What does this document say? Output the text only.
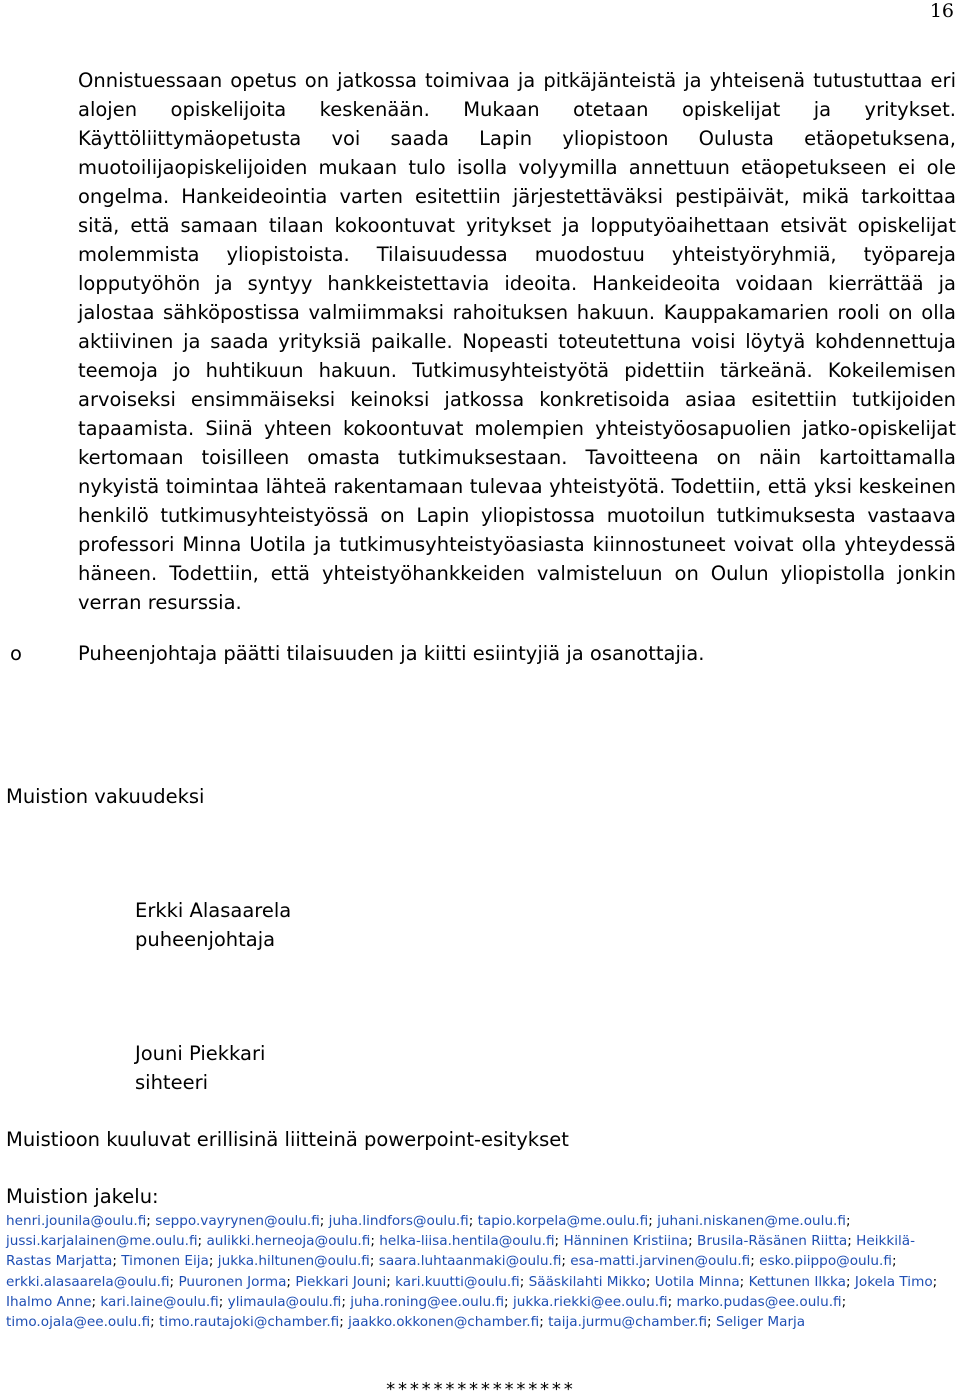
16

Onnistuessaan opetus on jatkossa toimivaa ja pitkäjänteistä ja yhteisenä tutustuttaa eri alojen opiskelijoita keskenään. Mukaan otetaan opiskelijat ja yritykset. Käyttöliittymäopetusta voi saada Lapin yliopistoon Oulusta etäopetuksena, muotoilijaopiskelijoiden mukaan tulo isolla volyymilla annettuun etäopetukseen ei ole ongelma. Hankeideointia varten esitettiin järjestettäväksi pestipäivät, mikä tarkoittaa sitä, että samaan tilaan kokoontuvat yritykset ja lopputyöaihettaan etsivät opiskelijat molemmista yliopistoista. Tilaisuudessa muodostuu yhteistyöryhmiä, työpareja lopputyöhön ja syntyy hankkeistettavia ideoita. Hankeideoita voidaan kierrättää ja jalostaa sähköpostissa valmiimmaksi rahoituksen hakuun. Kauppakamarien rooli on olla aktiivinen ja saada yrityksiä paikalle. Nopeasti toteutettuna voisi löytyä kohdennettuja teemoja jo huhtikuun hakuun. Tutkimusyhteistyötä pidettiin tärkeänä. Kokeilemisen arvoiseksi ensimmäiseksi keinoksi jatkossa konkretisoida asiaa esitettiin tutkijoiden tapaamista. Siinä yhteen kokoontuvat molempien yhteistyöosapuolien jatko-opiskelijat kertomaan toisilleen omasta tutkimuksestaan. Tavoitteena on näin kartoittamalla nykyistä toimintaa lähteä rakentamaan tulevaa yhteistyötä. Todettiin, että yksi keskeinen henkilö tutkimusyhteistyössä on Lapin yliopistossa muotoilun tutkimuksesta vastaava professori Minna Uotila ja tutkimusyhteistyöasiasta kiinnostuneet voivat olla yhteydessä häneen. Todettiin, että yhteistyöhankkeiden valmisteluun on Oulun yliopistolla jonkin verran resurssia.

o	Puheenjohtaja päätti tilaisuuden ja kiitti esiintyjiä ja osanottajia.
Muistion vakuudeksi
Erkki Alasaarela
puheenjohtaja
Jouni Piekkari
sihteeri
Muistioon kuuluvat erillisinä liitteinä powerpoint-esitykset
Muistion jakelu:

henri.jounila@oulu.fi; seppo.vayrynen@oulu.fi; juha.lindfors@oulu.fi; tapio.korpela@me.oulu.fi; juhani.niskanen@me.oulu.fi; jussi.karjalainen@me.oulu.fi; aulikki.herneoja@oulu.fi; helka-liisa.hentila@oulu.fi; Hänninen Kristiina; Brusila-Räsänen Riitta; Heikkilä-Rastas Marjatta; Timonen Eija; jukka.hiltunen@oulu.fi; saara.luhtaanmaki@oulu.fi; esa-matti.jarvinen@oulu.fi; esko.piippo@oulu.fi; erkki.alasaarela@oulu.fi; Puuronen Jorma; Piekkari Jouni; kari.kuutti@oulu.fi; Sääskilahti Mikko; Uotila Minna; Kettunen Ilkka; Jokela Timo; Ihalmo Anne; kari.laine@oulu.fi; ylimaula@oulu.fi; juha.roning@ee.oulu.fi; jukka.riekki@ee.oulu.fi; marko.pudas@ee.oulu.fi; timo.ojala@ee.oulu.fi; timo.rautajoki@chamber.fi; jaakko.okkonen@chamber.fi; taija.jurmu@chamber.fi; Seliger Marja

****************
